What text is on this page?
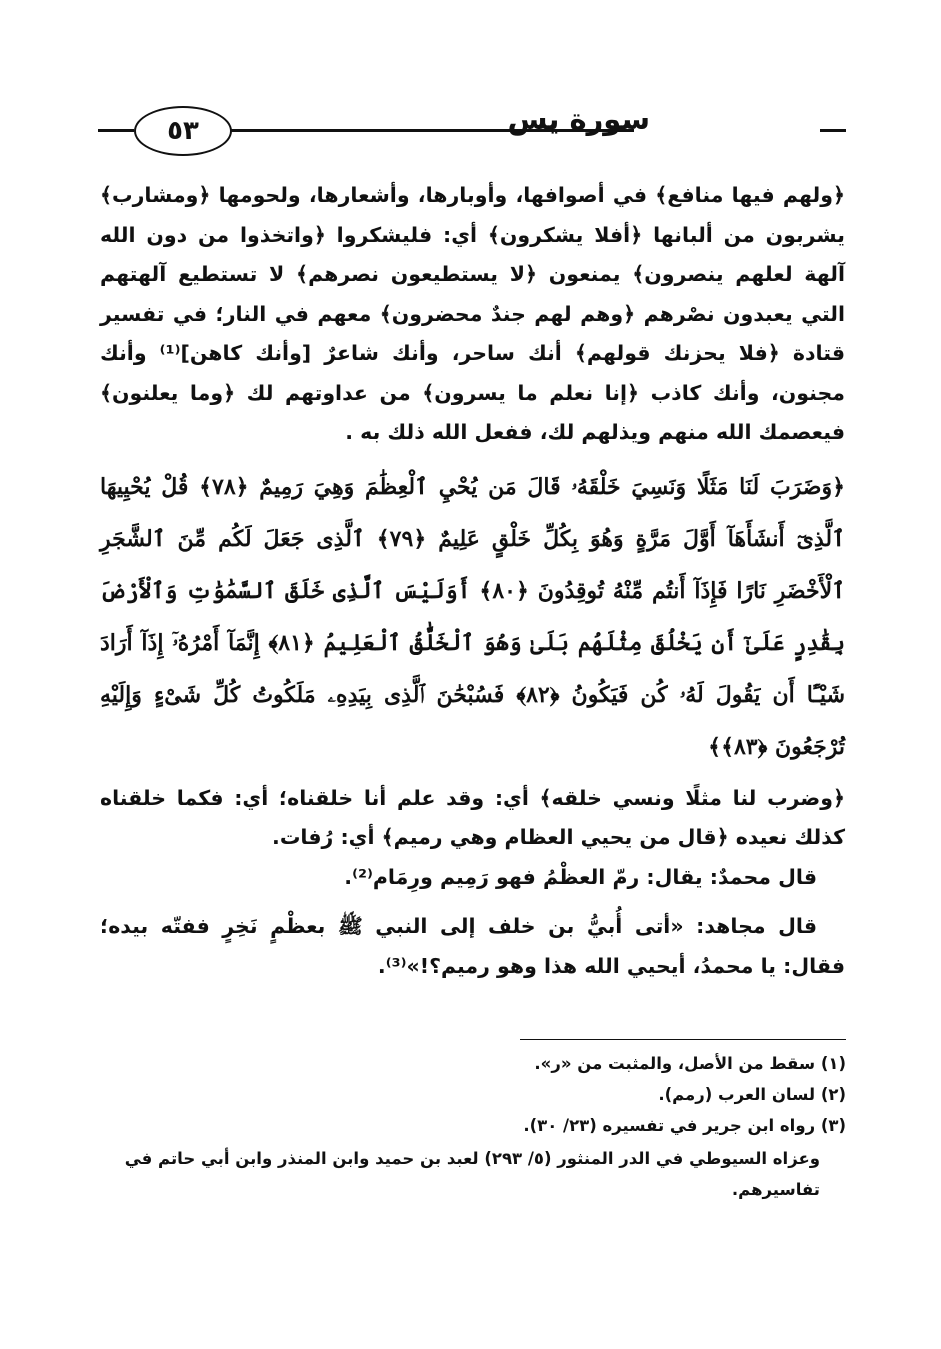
سورة يس
٥٣

﴿ولهم فيها منافع﴾ في أصوافها، وأوبارها، وأشعارها، ولحومها ﴿ومشارب﴾ يشربون من ألبانها ﴿أفلا يشكرون﴾ أي: فليشكروا ﴿واتخذوا من دون الله آلهة لعلهم ينصرون﴾ يمنعون ﴿لا يستطيعون نصرهم﴾ لا تستطيع آلهتهم التي يعبدون نصْرهم ﴿وهم لهم جندٌ محضرون﴾ معهم في النار؛ في تفسير قتادة ﴿فلا يحزنك قولهم﴾ أنك ساحر، وأنك شاعرٌ [وأنك كاهن]⁽¹⁾ وأنك مجنون، وأنك كاذب ﴿إنا نعلم ما يسرون﴾ من عداوتهم لك ﴿وما يعلنون﴾ فيعصمك الله منهم ويذلهم لك، ففعل الله ذلك به .

﴿وَضَرَبَ لَنَا مَثَلًا وَنَسِيَ خَلْقَهُۥ قَالَ مَن يُحْيِ ٱلْعِظَٰمَ وَهِيَ رَمِيمٌ ﴿٧٨﴾ قُلْ يُحْيِيهَا ٱلَّذِىٓ أَنشَأَهَآ أَوَّلَ مَرَّةٍ وَهُوَ بِكُلِّ خَلْقٍ عَلِيمٌ ﴿٧٩﴾ ٱلَّذِى جَعَلَ لَكُم مِّنَ ٱلشَّجَرِ ٱلْأَخْضَرِ نَارًا فَإِذَآ أَنتُم مِّنْهُ تُوقِدُونَ ﴿٨٠﴾ أَوَلَيْسَ ٱلَّذِى خَلَقَ ٱلسَّمَٰوَٰتِ وَٱلْأَرْضَ بِقَٰدِرٍ عَلَىٰٓ أَن يَخْلُقَ مِثْلَهُم بَلَىٰ وَهُوَ ٱلْخَلَّٰقُ ٱلْعَلِيمُ ﴿٨١﴾ إِنَّمَآ أَمْرُهُۥٓ إِذَآ أَرَادَ شَيْـًٔا أَن يَقُولَ لَهُۥ كُن فَيَكُونُ ﴿٨٢﴾ فَسُبْحَٰنَ ٱلَّذِى بِيَدِهِۦ مَلَكُوتُ كُلِّ شَىْءٍ وَإِلَيْهِ تُرْجَعُونَ ﴿٨٣﴾﴾

﴿وضرب لنا مثلًا ونسي خلقه﴾ أي: وقد علم أنا خلقناه؛ أي: فكما خلقناه كذلك نعيده ﴿قال من يحيي العظام وهي رميم﴾ أي: رُفات.

قال محمدٌ: يقال: رمّ العظْمُ فهو رَمِيم ورِمَام⁽²⁾.

قال مجاهد: «أتى أُبيُّ بن خلف إلى النبي ﷺ بعظْمٍ نَخِرٍ ففتّه بيده؛ فقال: يا محمدُ، أيحيي الله هذا وهو رميم؟!»⁽³⁾.

(١) سقط من الأصل، والمثبت من «ر».

(٢) لسان العرب (رمم).

(٣) رواه ابن جرير في تفسيره (٢٣/ ٣٠).

وعزاه السيوطي في الدر المنثور (٥/ ٢٩٣) لعبد بن حميد وابن المنذر وابن أبي حاتم في تفاسيرهم.
